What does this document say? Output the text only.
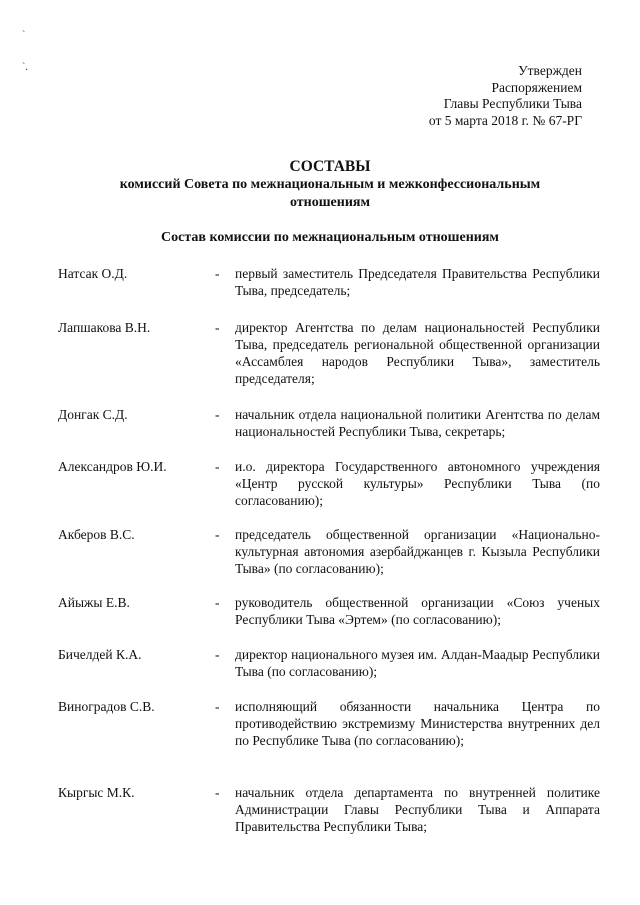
`
`.	Утвержден
Распоряжением
Главы Республики Тыва
от 5 марта 2018 г. № 67-РГ
СОСТАВЫ
комиссий Совета по межнациональным и межконфессиональным
отношениям
Состав комиссии по межнациональным отношениям
Натсак О.Д.	- первый заместитель Председателя Правительства Республики Тыва, председатель;
Лапшакова В.Н.	- директор Агентства по делам национальностей Республики Тыва, председатель региональной общественной организации «Ассамблея народов Республики Тыва», заместитель председателя;
Донгак С.Д.	- начальник отдела национальной политики Агентства по делам национальностей Республики Тыва, секретарь;
Александров Ю.И.	- и.о. директора Государственного автономного учреждения «Центр русской культуры» Республики Тыва (по согласованию);
Акберов В.С.	- председатель общественной организации «Национально-культурная автономия азербайджанцев г. Кызыла Республики Тыва» (по согласованию);
Айыжы Е.В.	- руководитель общественной организации «Союз ученых Республики Тыва «Эртем» (по согласованию);
Бичелдей К.А.	- директор национального музея им. Алдан-Маадыр Республики Тыва (по согласованию);
Виноградов С.В.	- исполняющий обязанности начальника Центра по противодействию экстремизму Министерства внутренних дел по Республике Тыва (по согласованию);
Кыргыс М.К.	- начальник отдела департамента по внутренней политике Администрации Главы Республики Тыва и Аппарата Правительства Республики Тыва;
